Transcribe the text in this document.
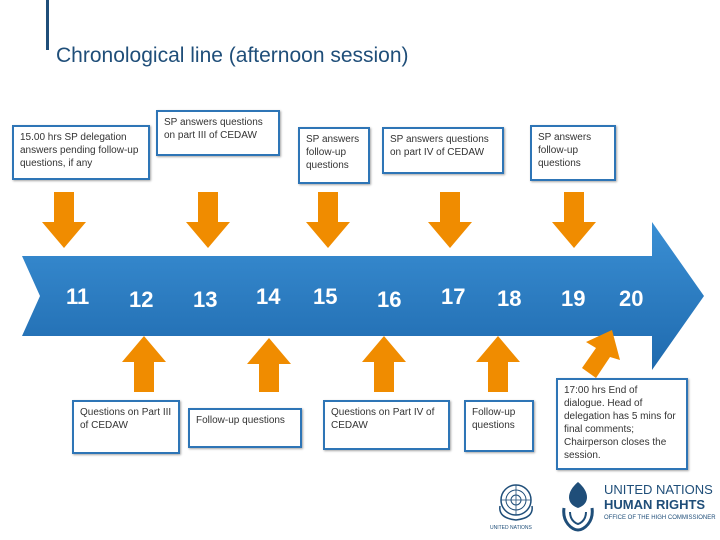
Chronological line (afternoon session)
11 12 13 14 15 16 17 18 19 20
15.00 hrs SP delegation answers pending follow-up questions, if any
SP answers questions on part III of CEDAW	SP answers follow-up questions
SP answers questions on part IV of CEDAW
SP answers follow-up questions
Questions on Part III of CEDAW	Follow-up questions
Questions on Part IV of CEDAW
Follow-up questions
17:00 hrs End of dialogue. Head of delegation has 5 mins for final comments; Chairperson closes the session.
UNITED NATIONS
UNITED NATIONS
HUMAN RIGHTS
OFFICE OF THE HIGH COMMISSIONER
